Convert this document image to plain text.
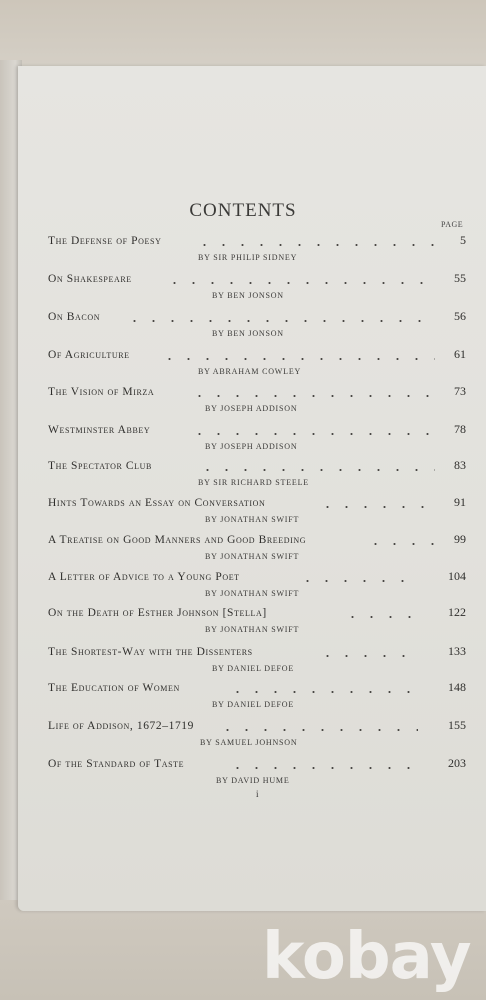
CONTENTS
PAGE
The Defense of Poesy	5
BY SIR PHILIP SIDNEY
On Shakespeare	55
BY BEN JONSON
On Bacon	56
BY BEN JONSON
Of Agriculture	61
BY ABRAHAM COWLEY
The Vision of Mirza	73
BY JOSEPH ADDISON
Westminster Abbey	78
BY JOSEPH ADDISON
The Spectator Club	83
BY SIR RICHARD STEELE
Hints Towards an Essay on Conversation	91
BY JONATHAN SWIFT
A Treatise on Good Manners and Good Breeding	99
BY JONATHAN SWIFT
A Letter of Advice to a Young Poet	104
BY JONATHAN SWIFT
On the Death of Esther Johnson [Stella]	122
BY JONATHAN SWIFT
The Shortest-Way with the Dissenters	133
BY DANIEL DEFOE
The Education of Women	148
BY DANIEL DEFOE
Life of Addison, 1672–1719	155
BY SAMUEL JOHNSON
Of the Standard of Taste	203
BY DAVID HUME
i
kobay
